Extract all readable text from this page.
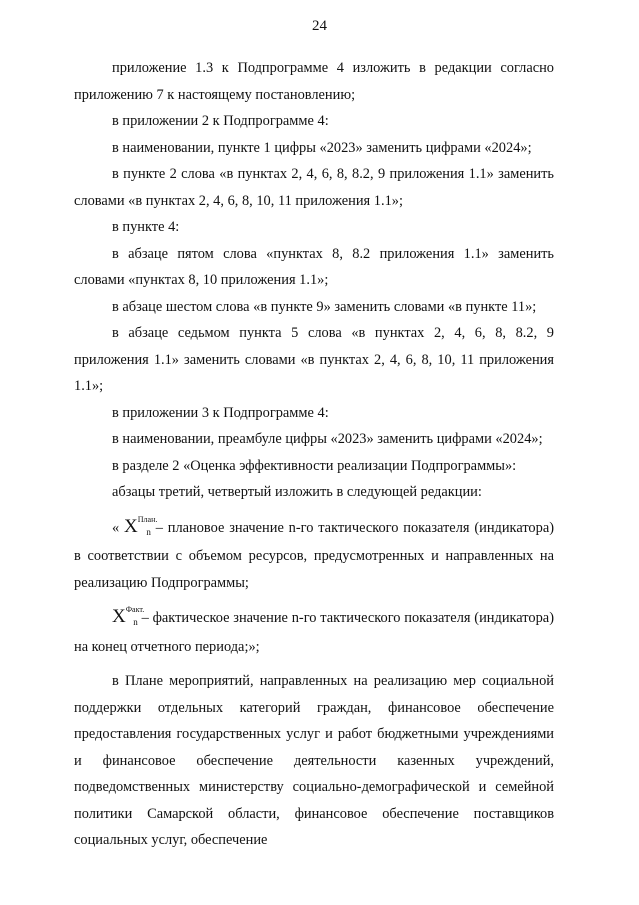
24

приложение 1.3 к Подпрограмме 4 изложить в редакции согласно приложению 7 к настоящему постановлению;

в приложении 2 к Подпрограмме 4:

в наименовании, пункте 1 цифры «2023» заменить цифрами «2024»;

в пункте 2 слова «в пунктах 2, 4, 6, 8, 8.2, 9 приложения 1.1» заменить словами «в пунктах 2, 4, 6, 8, 10, 11 приложения 1.1»;

в пункте 4:

в абзаце пятом слова «пунктах 8, 8.2 приложения 1.1» заменить словами «пунктах 8, 10 приложения 1.1»;

в абзаце шестом слова «в пункте 9» заменить словами «в пункте 11»;

в абзаце седьмом пункта 5 слова «в пунктах 2, 4, 6, 8, 8.2, 9 приложения 1.1» заменить словами «в пунктах 2, 4, 6, 8, 10, 11 приложения 1.1»;

в приложении 3 к Подпрограмме 4:

в наименовании, преамбуле цифры «2023» заменить цифрами «2024»;

в разделе 2 «Оценка эффективности реализации Подпрограммы»:

абзацы третий, четвертый изложить в следующей редакции:

« $X^{План.}_n$ – плановое значение n-го тактического показателя (индикатора) в соответствии с объемом ресурсов, предусмотренных и направленных на реализацию Подпрограммы;

$X^{Факт.}_n$ – фактическое значение n-го тактического показателя (индикатора) на конец отчетного периода;»;

в Плане мероприятий, направленных на реализацию мер социальной поддержки отдельных категорий граждан, финансовое обеспечение предоставления государственных услуг и работ бюджетными учреждениями и финансовое обеспечение деятельности казенных учреждений, подведомственных министерству социально-демографической и семейной политики Самарской области, финансовое обеспечение поставщиков социальных услуг, обеспечение
